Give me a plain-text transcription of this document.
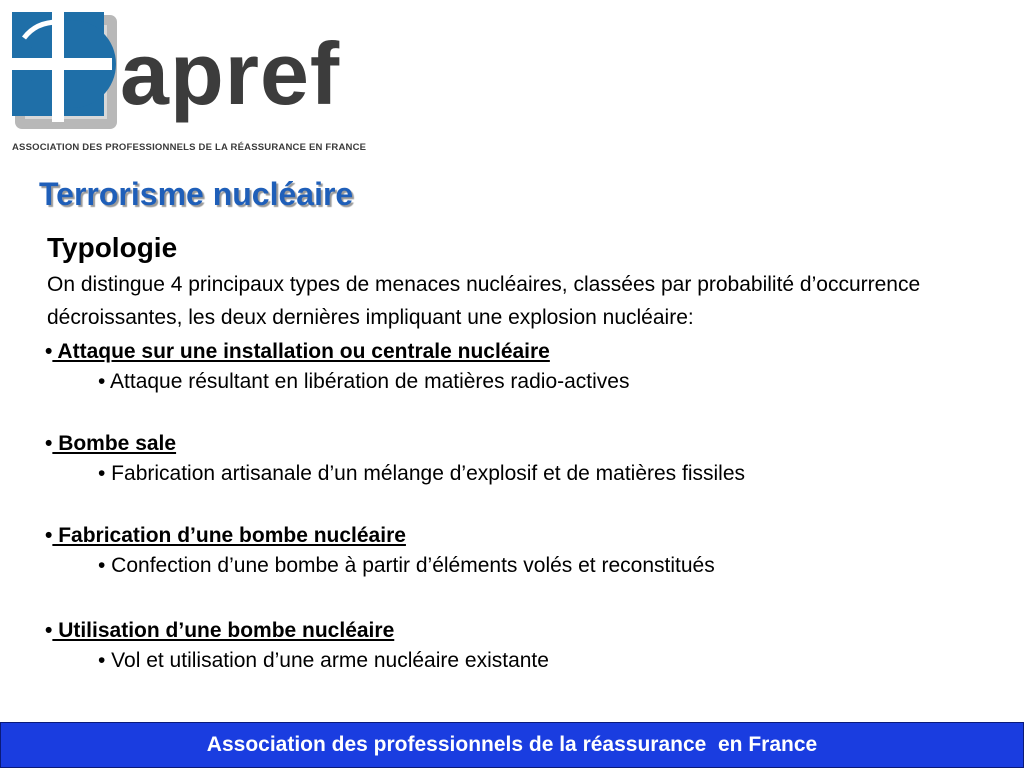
apref
ASSOCIATION DES PROFESSIONNELS DE LA RÉASSURANCE EN FRANCE
Terrorisme nucléaire
Typologie
On distingue 4 principaux types de menaces nucléaires, classées par probabilité d’occurrence décroissantes, les deux dernières impliquant une explosion nucléaire:
• Attaque sur une installation ou centrale nucléaire
• Attaque résultant en libération de matières radio-actives
• Bombe sale
• Fabrication artisanale d’un mélange d’explosif et de matières fissiles
• Fabrication d’une bombe nucléaire
• Confection d’une bombe à partir d’éléments volés et reconstitués
• Utilisation d’une bombe nucléaire
• Vol et utilisation d’une arme nucléaire existante
Association des professionnels de la réassurance  en France
